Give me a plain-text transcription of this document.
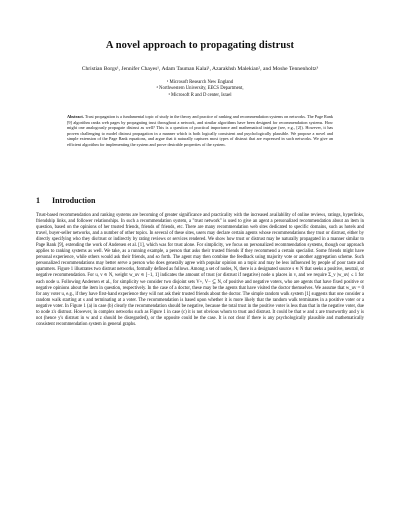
A novel approach to propagating distrust
Christian Borgs¹, Jennifer Chayes¹, Adam Tauman Kalai¹, Azarakhsh Malekian², and Moshe Tennenholtz³
¹ Microsoft Research New England
² Northwestern University, EECS Department,
³ Microsoft R and D center, Israel
Abstract. Trust propagation is a fundamental topic of study in the theory and practice of ranking and recommendation systems on networks. The Page Rank [9] algorithm ranks web pages by propagating trust throughout a network, and similar algorithms have been designed for recommendation systems. How might one analogously propagate distrust as well? This is a question of practical importance and mathematical intrigue (see, e.g., [2]). However, it has proven challenging to model distrust propagation in a manner which is both logically consistent and psychologically plausible. We propose a novel and simple extension of the Page Rank equations, and argue that it naturally captures most types of distrust that are expressed in such networks. We give an efficient algorithm for implementing the system and prove desirable properties of the system.
1 Introduction

Trust-based recommendation and ranking systems are becoming of greater significance and practicality with the increased availability of online reviews, ratings, hyperlinks, friendship links, and follower relationships. In such a recommendation system, a "trust network" is used to give an agent a personalized recommendation about an item in question, based on the opinions of her trusted friends, friends of friends, etc. There are many recommendation web sites dedicated to specific domains, such as hotels and travel, buyer-seller networks, and a number of other topics. In several of these sites, users may declare certain agents whose recommendations they trust or distrust, either by directly specifying who they dis/trust or indirectly by rating reviews or services rendered. We show how trust or distrust may be naturally propagated in a manner similar to Page Rank [9], extending the work of Andersen et al. [1], which was for trust alone. For simplicity, we focus on personalized recommendation systems, though our approach applies to ranking systems as well. We take, as a running example, a person that asks their trusted friends if they recommend a certain specialist. Some friends might have personal experience, while others would ask their friends, and so forth. The agent may then combine the feedback using majority vote or another aggregation scheme. Such personalized recommendations may better serve a person who does generally agree with popular opinion on a topic and may be less influenced by people of poor taste and spammers. Figure 1 illustrates two distrust networks, formally defined as follows. Among a set of nodes, N, there is a designated source s ∈ N that seeks a positive, neutral, or negative recommendation. For u, v ∈ N, weight w_uv ∈ [−1, 1] indicates the amount of trust (or distrust if negative) node u places in v, and we require Σ_v |w_uv| ≤ 1 for each node u. Following Andersen et al., for simplicity we consider two disjoint sets V+, V− ⊆ N, of positive and negative voters, who are agents that have fixed positive or negative opinions about the item in question, respectively. In the case of a doctor, these may be the agents that have visited the doctor themselves. We assume that w_uv = 0 for any voter u, e.g., if they have first-hand experience they will not ask their trusted friends about the doctor. The simple random walk system [1] suggests that one consider a random walk starting at s and terminating at a voter. The recommendation is based upon whether it is more likely that the random walk terminates in a positive voter or a negative voter. In Figure 1 (a) in case (b) clearly the recommendation should be negative, because the total trust in the positive voter is less than that in the negative voter, due to node z's distrust. However, in complex networks such as Figure 1 in case (c) it is not obvious whom to trust and distrust. It could be that w and z are trustworthy and y is not (hence y's distrust in w and z should be disregarded), or the opposite could be the case. It is not clear if there is any psychologically plausible and mathematically consistent recommendation system in general graphs.
